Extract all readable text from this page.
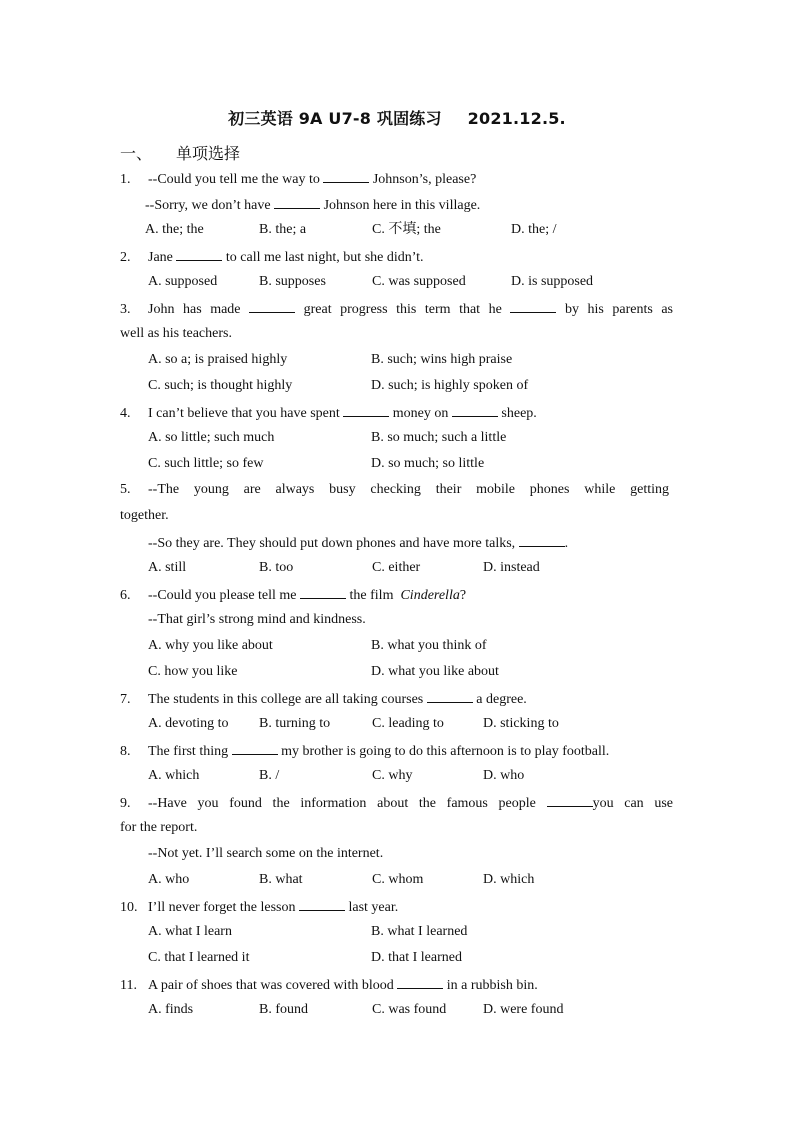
初三英语 9A U7-8 巩固练习 2021.12.5.
一、 单项选择
1. --Could you tell me the way to	Johnson’s, please?
--Sorry, we don’t have	Johnson here in this village.
A. the; the	B. the; a	C. 不填; the	D. the; /
2. Jane	to call me last night, but she didn’t.
A. supposed	B. supposes	C. was supposed	D. is supposed
3. John has made	great progress this term that he	by his parents as
well as his teachers.
A. so a; is praised highly	B. such; wins high praise
C. such; is thought highly	D. such; is highly spoken of
4. I can’t believe that you have spent	money on	sheep.
A. so little; such much	B. so much; such a little
C. such little; so few	D. so much; so little
5. --The young are always busy checking their mobile phones while getting
together.
--So they are. They should put down phones and have more talks,	.
A. still	B. too	C. either	D. instead
6. --Could you please tell me	the film Cinderella?
--That girl’s strong mind and kindness.
A. why you like about	B. what you think of
C. how you like	D. what you like about
7. The students in this college are all taking courses	a degree.
A. devoting to B. turning to	C. leading to	D. sticking to
8. The first thing	my brother is going to do this afternoon is to play football.
A. which	B. /	C. why	D. who
9. --Have you found the information about the famous people	you can use
for the report.
--Not yet. I’ll search some on the internet.
A. who	B. what	C. whom	D. which
10. I’ll never forget the lesson	last year.
A. what I learn	B. what I learned
C. that I learned it	D. that I learned
11. A pair of shoes that was covered with blood	in a rubbish bin.
A. finds	B. found	C. was found	D. were found
